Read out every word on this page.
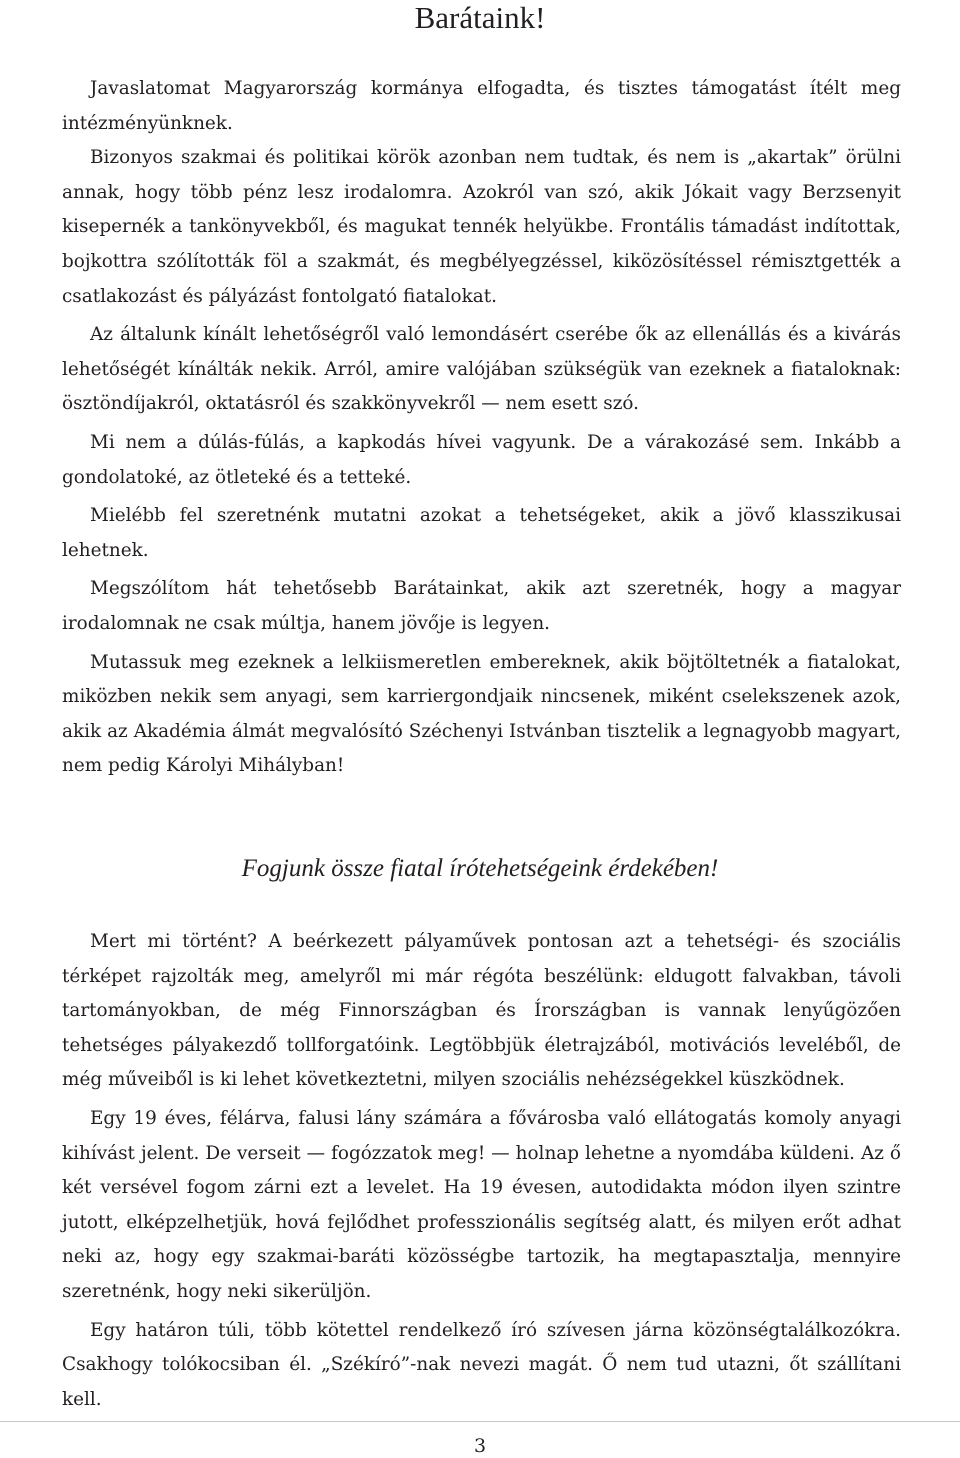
Barátaink!

Javaslatomat Magyarország kormánya elfogadta, és tisztes támogatást ítélt meg intézményünknek.

Bizonyos szakmai és politikai körök azonban nem tudtak, és nem is „akartak” örülni annak, hogy több pénz lesz irodalomra. Azokról van szó, akik Jókait vagy Berzsenyit kisepernék a tankönyvekből, és magukat tennék helyükbe. Frontális támadást indítottak, bojkottra szólították föl a szakmát, és megbélyegzéssel, kiközösítéssel rémisztgették a csatlakozást és pályázást fontolgató fiatalokat.

Az általunk kínált lehetőségről való lemondásért cserébe ők az ellenállás és a kivárás lehetőségét kínálták nekik. Arról, amire valójában szükségük van ezeknek a fiataloknak: ösztöndíjakról, oktatásról és szakkönyvekről — nem esett szó.

Mi nem a dúlás-fúlás, a kapkodás hívei vagyunk. De a várakozásé sem. Inkább a gondolatoké, az ötleteké és a tetteké.

Mielébb fel szeretnénk mutatni azokat a tehetségeket, akik a jövő klasszikusai lehetnek.

Megszólítom hát tehetősebb Barátainkat, akik azt szeretnék, hogy a magyar irodalomnak ne csak múltja, hanem jövője is legyen.

Mutassuk meg ezeknek a lelkiismeretlen embereknek, akik böjtöltetnék a fiatalokat, miközben nekik sem anyagi, sem karriergondjaik nincsenek, miként cselekszenek azok, akik az Akadémia álmát megvalósító Széchenyi Istvánban tisztelik a legnagyobb magyart, nem pedig Károlyi Mihályban!

Fogjunk össze fiatal írótehetségeink érdekében!

Mert mi történt? A beérkezett pályaművek pontosan azt a tehetségi- és szociális térképet rajzolták meg, amelyről mi már régóta beszélünk: eldugott falvakban, távoli tartományokban, de még Finnországban és Írországban is vannak lenyűgözően tehetséges pályakezdő tollforgatóink. Legtöbbjük életrajzából, motivációs leveléből, de még műveiből is ki lehet következtetni, milyen szociális nehézségekkel küszködnek.

Egy 19 éves, félárva, falusi lány számára a fővárosba való ellátogatás komoly anyagi kihívást jelent. De verseit — fogózzatok meg! — holnap lehetne a nyomdába küldeni. Az ő két versével fogom zárni ezt a levelet. Ha 19 évesen, autodidakta módon ilyen szintre jutott, elképzelhetjük, hová fejlődhet professzionális segítség alatt, és milyen erőt adhat neki az, hogy egy szakmai-baráti közösségbe tartozik, ha megtapasztalja, mennyire szeretnénk, hogy neki sikerüljön.

Egy határon túli, több kötettel rendelkező író szívesen járna közönségtalálkozókra. Csakhogy tolókocsiban él. „Székíró”-nak nevezi magát. Ő nem tud utazni, őt szállítani kell.

3
